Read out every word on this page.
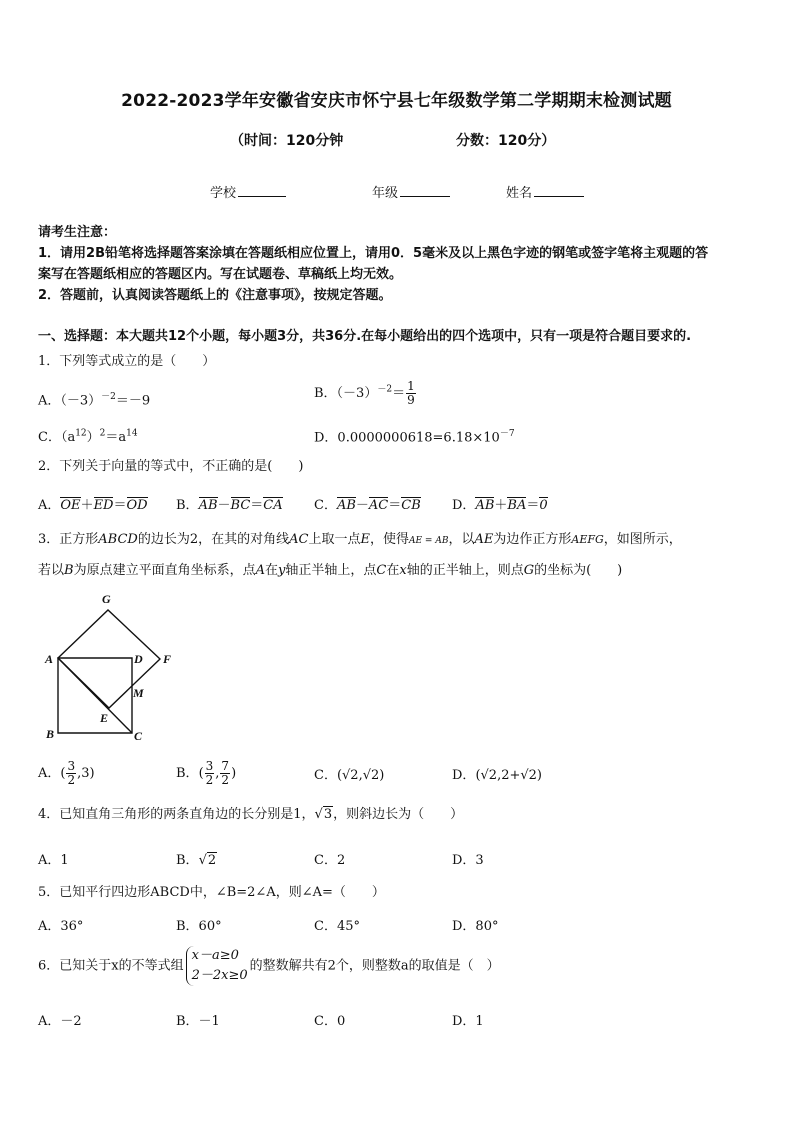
2022-2023学年安徽省安庆市怀宁县七年级数学第二学期期末检测试题
（时间：120分钟	分数：120分）
学校	年级	姓名
请考生注意：
1．请用2B铅笔将选择题答案涂填在答题纸相应位置上，请用0．5毫米及以上黑色字迹的钢笔或签字笔将主观题的答
案写在答题纸相应的答题区内。写在试题卷、草稿纸上均无效。
2．答题前，认真阅读答题纸上的《注意事项》，按规定答题。
一、选择题：本大题共12个小题，每小题3分，共36分.在每小题给出的四个选项中，只有一项是符合题目要求的.
1．下列等式成立的是（　　）
A．$(-3)^{-2}=-9$	B．$(-3)^{-2}= \frac{1}{9}$
C．$(a^{12})^2=a^{14}$	D．$0.0000000618=6.18\times 10^{-7}$
2．下列关于向量的等式中，不正确的是(　　)
A．OE＋ED＝OD B．AB－BC＝CA C．AB－AC＝CB D．AB＋BA＝0
3．正方形ABCD的边长为2，在其的对角线AC上取一点E，使得AE = AB，以AE为边作正方形AEFG，如图所示，
若以B为原点建立平面直角坐标系，点A在y轴正半轴上，点C在x轴的正半轴上，则点G的坐标为(　　)
G
A	D F
M
E
B	C
A．( $\frac{3}{2} ,3$)	B．( $\frac{3}{2}$ , $\frac{7}{2}$ )	C．(√2,√2)	D．(√2,2+√2)
4．已知直角三角形的两条直角边的长分别是1，√3，则斜边长为（　　）
A．1	B．√2	C．2	D．3
5．已知平行四边形ABCD中，∠B=2∠A，则∠A=（　　）
A．36°	B．60°	C．45°	D．80°
6．已知关于x的不等式组
x－a≥0
2－2x≥0
的整数解共有2个，则整数a的取值是（　）
A．－2	B．－1	C．0	D．1
